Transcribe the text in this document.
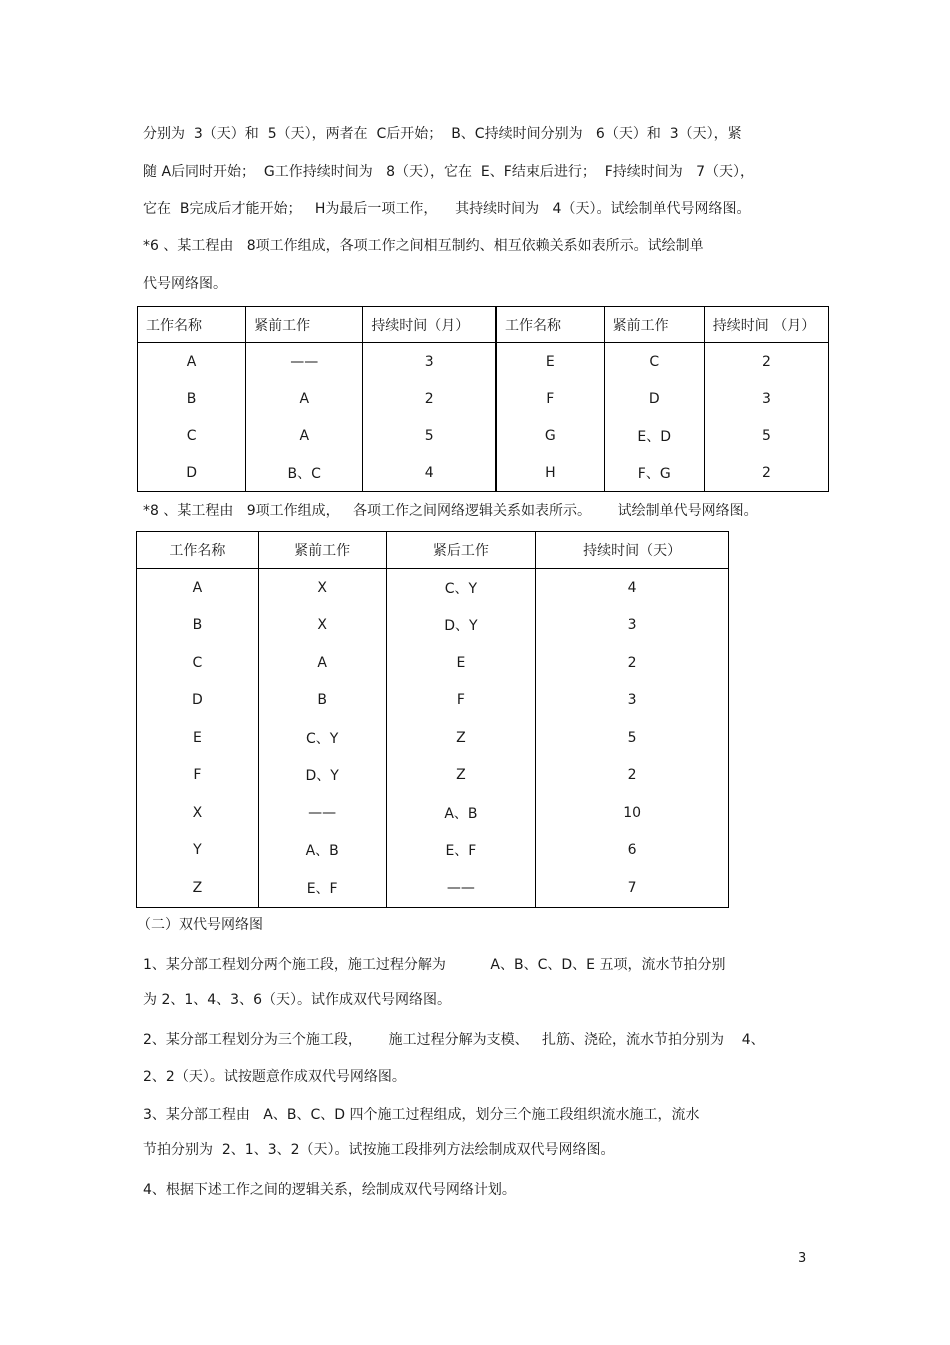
分别为  3（天）和  5（天），两者在  C后开始；  B、C持续时间分别为   6（天）和  3（天），紧
随 A后同时开始；  G工作持续时间为   8（天），它在  E、F结束后进行；  F持续时间为   7（天），
它在  B完成后才能开始；   H为最后一项工作，    其持续时间为   4（天）。试绘制单代号网络图。
*6 、某工程由   8项工作组成，各项工作之间相互制约、相互依赖关系如表所示。试绘制单
代号网络图。
工作名称	紧前工作	持续时间（月）	工作名称	紧前工作	持续时间 （月）
A	——	3	E	C	2
B	A	2	F	D	3
C	A	5	G	E、D	5
D	B、C	4	H	F、G	2
*8 、某工程由   9项工作组成，   各项工作之间网络逻辑关系如表所示。      试绘制单代号网络图。
工作名称	紧前工作	紧后工作	持续时间（天）
A	X	C、Y	4
B	X	D、Y	3
C	A	E	2
D	B	F	3
E	C、Y	Z	5
F	D、Y	Z	2
X	——	A、B	10
Y	A、B	E、F	6
Z	E、F	——	7
（二）双代号网络图
1、某分部工程划分两个施工段，施工过程分解为          A、B、C、D、E 五项，流水节拍分别
为 2、1、4、3、6（天）。试作成双代号网络图。
2、某分部工程划分为三个施工段，      施工过程分解为支模、   扎筋、浇砼，流水节拍分别为    4、
2、2（天）。试按题意作成双代号网络图。
3、某分部工程由   A、B、C、D 四个施工过程组成，划分三个施工段组织流水施工，流水
节拍分别为  2、1、3、2（天）。试按施工段排列方法绘制成双代号网络图。
4、根据下述工作之间的逻辑关系，绘制成双代号网络计划。
3
